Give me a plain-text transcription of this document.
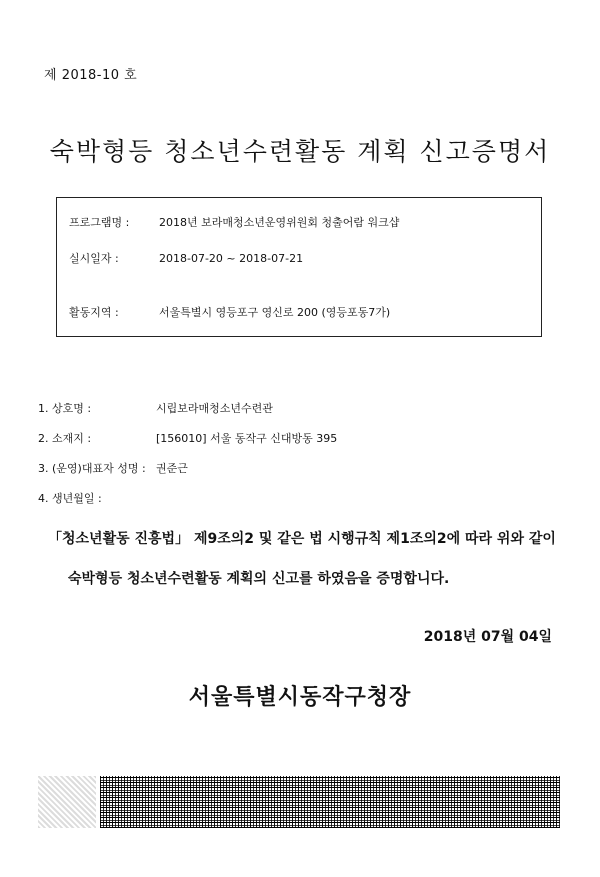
제 2018-10 호
숙박형등 청소년수련활동 계획 신고증명서
프로그램명 :	2018년 보라매청소년운영위원회 청출어람 워크샵
실시일자 :	2018-07-20 ~ 2018-07-21
활동지역 :	서울특별시 영등포구 영신로 200 (영등포동7가)
1. 상호명 :	시립보라매청소년수련관
2. 소재지 :	[156010] 서울 동작구 신대방동 395
3. (운영)대표자 성명 : 권준근
4. 생년월일 :
「청소년활동 진흥법」 제9조의2 및 같은 법 시행규칙 제1조의2에 따라 위와 같이
숙박형등 청소년수련활동 계획의 신고를 하였음을 증명합니다.
2018년 07월 04일
서울특별시동작구청장
